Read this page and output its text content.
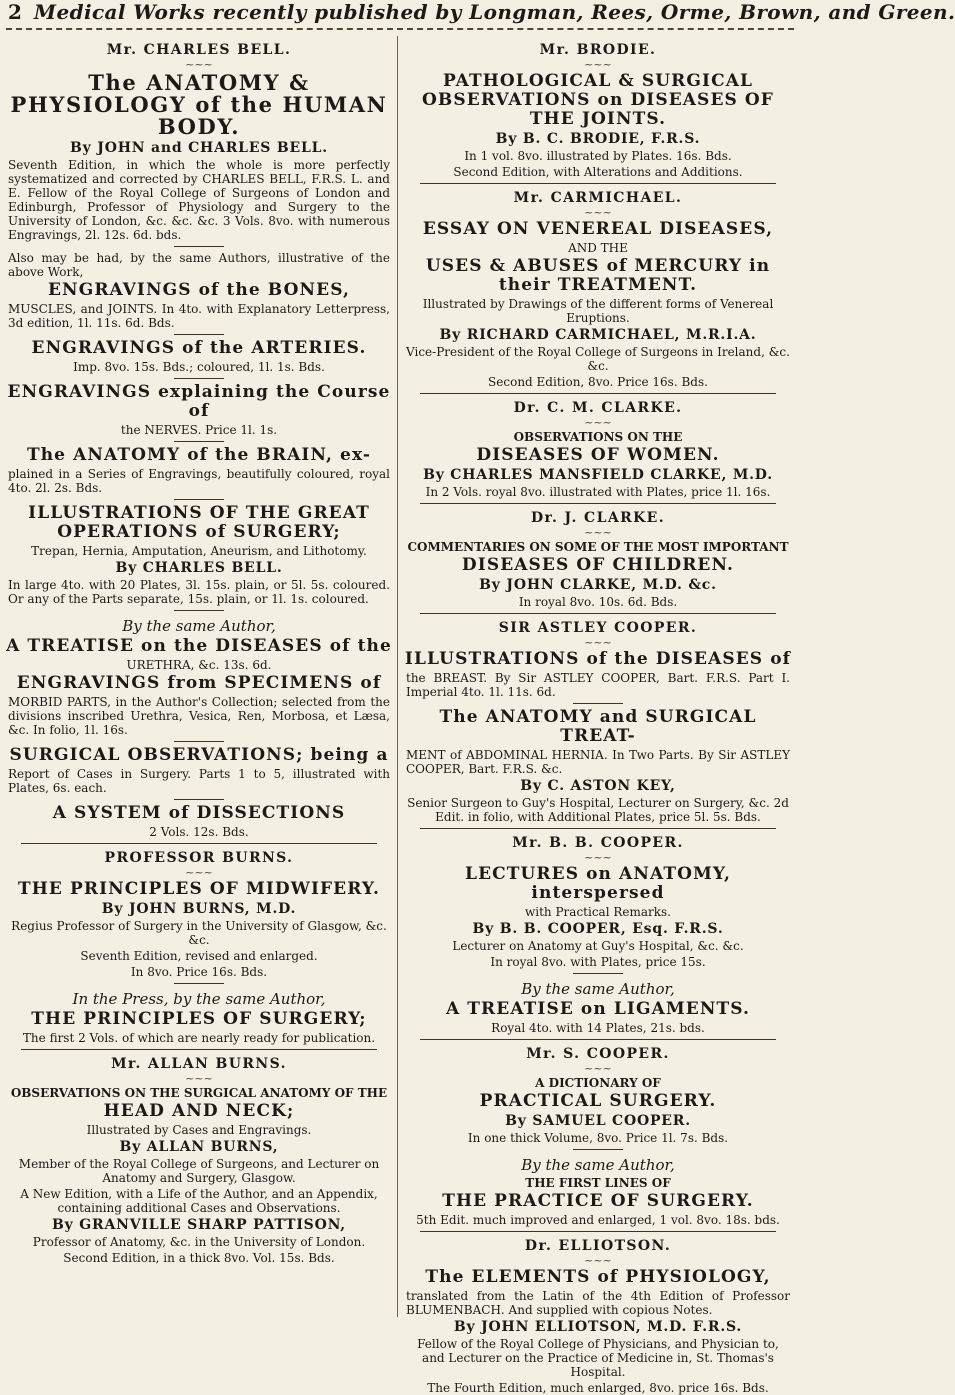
2 Medical Works recently published by Longman, Rees, Orme, Brown, and Green.
Mr. CHARLES BELL.
~~~
The ANATOMY & PHYSIOLOGY of the HUMAN BODY.
By JOHN and CHARLES BELL.
Seventh Edition, in which the whole is more perfectly systematized and corrected by CHARLES BELL, F.R.S. L. and E. Fellow of the Royal College of Surgeons of London and Edinburgh, Professor of Physiology and Surgery to the University of London, &c. &c. &c. 3 Vols. 8vo. with numerous Engravings, 2l. 12s. 6d. bds.
Also may be had, by the same Authors, illustrative of the above Work,
ENGRAVINGS of the BONES,
MUSCLES, and JOINTS. In 4to. with Explanatory Letterpress, 3d edition, 1l. 11s. 6d. Bds.
ENGRAVINGS of the ARTERIES.
Imp. 8vo. 15s. Bds.; coloured, 1l. 1s. Bds.
ENGRAVINGS explaining the Course of
the NERVES. Price 1l. 1s.
The ANATOMY of the BRAIN, ex-
plained in a Series of Engravings, beautifully coloured, royal 4to. 2l. 2s. Bds.
ILLUSTRATIONS OF THE GREAT OPERATIONS of SURGERY;
Trepan, Hernia, Amputation, Aneurism, and Lithotomy.
By CHARLES BELL.
In large 4to. with 20 Plates, 3l. 15s. plain, or 5l. 5s. coloured. Or any of the Parts separate, 15s. plain, or 1l. 1s. coloured.
By the same Author,
A TREATISE on the DISEASES of the
URETHRA, &c. 13s. 6d.
ENGRAVINGS from SPECIMENS of
MORBID PARTS, in the Author's Collection; selected from the divisions inscribed Urethra, Vesica, Ren, Morbosa, et Læsa, &c. In folio, 1l. 16s.
SURGICAL OBSERVATIONS; being a
Report of Cases in Surgery. Parts 1 to 5, illustrated with Plates, 6s. each.
A SYSTEM of DISSECTIONS
2 Vols. 12s. Bds.
PROFESSOR BURNS.
~~~
THE PRINCIPLES OF MIDWIFERY.
By JOHN BURNS, M.D.
Regius Professor of Surgery in the University of Glasgow, &c. &c.
Seventh Edition, revised and enlarged.
In 8vo. Price 16s. Bds.
In the Press, by the same Author,
THE PRINCIPLES OF SURGERY;
The first 2 Vols. of which are nearly ready for publication.
Mr. ALLAN BURNS.
~~~
OBSERVATIONS ON THE SURGICAL ANATOMY OF THE
HEAD AND NECK;
Illustrated by Cases and Engravings.
By ALLAN BURNS,
Member of the Royal College of Surgeons, and Lecturer on Anatomy and Surgery, Glasgow.
A New Edition, with a Life of the Author, and an Appendix, containing additional Cases and Observations.
By GRANVILLE SHARP PATTISON,
Professor of Anatomy, &c. in the University of London.
Second Edition, in a thick 8vo. Vol. 15s. Bds.
Mr. BRODIE.
~~~
PATHOLOGICAL & SURGICAL OBSERVATIONS on DISEASES OF THE JOINTS.
By B. C. BRODIE, F.R.S.
In 1 vol. 8vo. illustrated by Plates. 16s. Bds.
Second Edition, with Alterations and Additions.
Mr. CARMICHAEL.
~~~
ESSAY ON VENEREAL DISEASES,
AND THE
USES & ABUSES of MERCURY in their TREATMENT.
Illustrated by Drawings of the different forms of Venereal Eruptions.
By RICHARD CARMICHAEL, M.R.I.A.
Vice-President of the Royal College of Surgeons in Ireland, &c. &c.
Second Edition, 8vo. Price 16s. Bds.
Dr. C. M. CLARKE.
~~~
OBSERVATIONS ON THE
DISEASES OF WOMEN.
By CHARLES MANSFIELD CLARKE, M.D.
In 2 Vols. royal 8vo. illustrated with Plates, price 1l. 16s.
Dr. J. CLARKE.
~~~
COMMENTARIES ON SOME OF THE MOST IMPORTANT
DISEASES OF CHILDREN.
By JOHN CLARKE, M.D. &c.
In royal 8vo. 10s. 6d. Bds.
SIR ASTLEY COOPER.
~~~
ILLUSTRATIONS of the DISEASES of
the BREAST. By Sir ASTLEY COOPER, Bart. F.R.S. Part I. Imperial 4to. 1l. 11s. 6d.
The ANATOMY and SURGICAL TREAT-
MENT of ABDOMINAL HERNIA. In Two Parts. By Sir ASTLEY COOPER, Bart. F.R.S. &c.
By C. ASTON KEY,
Senior Surgeon to Guy's Hospital, Lecturer on Surgery, &c. 2d Edit. in folio, with Additional Plates, price 5l. 5s. Bds.
Mr. B. B. COOPER.
~~~
LECTURES on ANATOMY, interspersed
with Practical Remarks.
By B. B. COOPER, Esq. F.R.S.
Lecturer on Anatomy at Guy's Hospital, &c. &c.
In royal 8vo. with Plates, price 15s.
By the same Author,
A TREATISE on LIGAMENTS.
Royal 4to. with 14 Plates, 21s. bds.
Mr. S. COOPER.
~~~
A DICTIONARY OF
PRACTICAL SURGERY.
By SAMUEL COOPER.
In one thick Volume, 8vo. Price 1l. 7s. Bds.
By the same Author,
THE FIRST LINES OF
THE PRACTICE OF SURGERY.
5th Edit. much improved and enlarged, 1 vol. 8vo. 18s. bds.
Dr. ELLIOTSON.
~~~
The ELEMENTS of PHYSIOLOGY,
translated from the Latin of the 4th Edition of Professor BLUMENBACH. And supplied with copious Notes.
By JOHN ELLIOTSON, M.D. F.R.S.
Fellow of the Royal College of Physicians, and Physician to, and Lecturer on the Practice of Medicine in, St. Thomas's Hospital.
The Fourth Edition, much enlarged, 8vo. price 16s. Bds.
